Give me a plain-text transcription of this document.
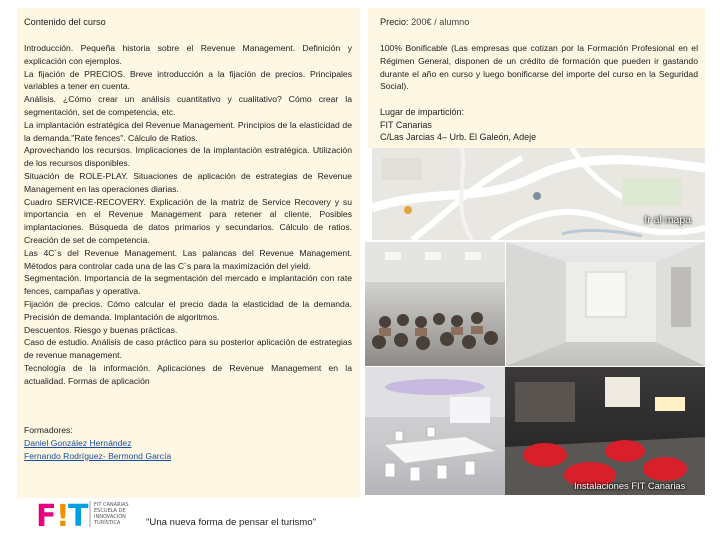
Contenido del curso

Introducción. Pequeña historia sobre el Revenue Management. Definición y explicación con ejemplos.

La fijación de PRECIOS. Breve introducción a la fijación de precios. Principales variables a tener en cuenta.

Análisis. ¿Cómo crear un análisis cuantitativo y cualitativo? Cómo crear la segmentación, set de competencia, etc.

La implantación estratégica del Revenue Management. Principios de la elasticidad de la demanda."Rate fences". Cálculo de Ratios.

Aprovechando los recursos. Implicaciones de la implantación estratégica. Utilización de los recursos disponibles.

Situación de ROLE-PLAY. Situaciones de aplicación de estrategias de Revenue Management en las operaciones diarias.

Cuadro SERVICE-RECOVERY. Explicación de la matriz de Service Recovery y su importancia en el Revenue Management para retener al cliente. Posibles implantaciones. Búsqueda de datos primarios y secundarios. Cálculo de ratios. Creación de set de competencia.

Las 4C´s del Revenue Management. Las palancas del Revenue Management. Métodos para controlar cada una de las C´s para la maximización del yield.

Segmentación. Importancia de la segmentación del mercado e implantación con rate fences, campañas y operativa.

Fijación de precios. Cómo calcular el precio dada la elasticidad de la demanda. Precisión de demanda. Implantación de algoritmos.

Descuentos. Riesgo y buenas prácticas.

Caso de estudio. Análisis de caso práctico para su posterior aplicación de estrategias de revenue management.

Tecnología de la información. Aplicaciones de Revenue Management en la actualidad. Formas de aplicación

Formadores:
Daniel González Hernández
Fernando Rodríguez- Bermond García
Precio: 200€ / alumno
100% Bonificable (Las empresas que cotizan por la Formación Profesional en el Régimen General, disponen de un crédito de formación que pueden ir gastando durante el año en curso y luego bonificarse del importe del curso en la Seguridad Social).
Lugar de impartición:
FIT Canarias
C/Las Jarcias 4– Urb. El Galeón, Adeje
Ir al mapa
Instalaciones FIT Canarias
F !
T FIT CANARIAS
ESCUELA DE
INNOVACIÓN
TURÍSTICA	"Una nueva forma de pensar el turismo"
